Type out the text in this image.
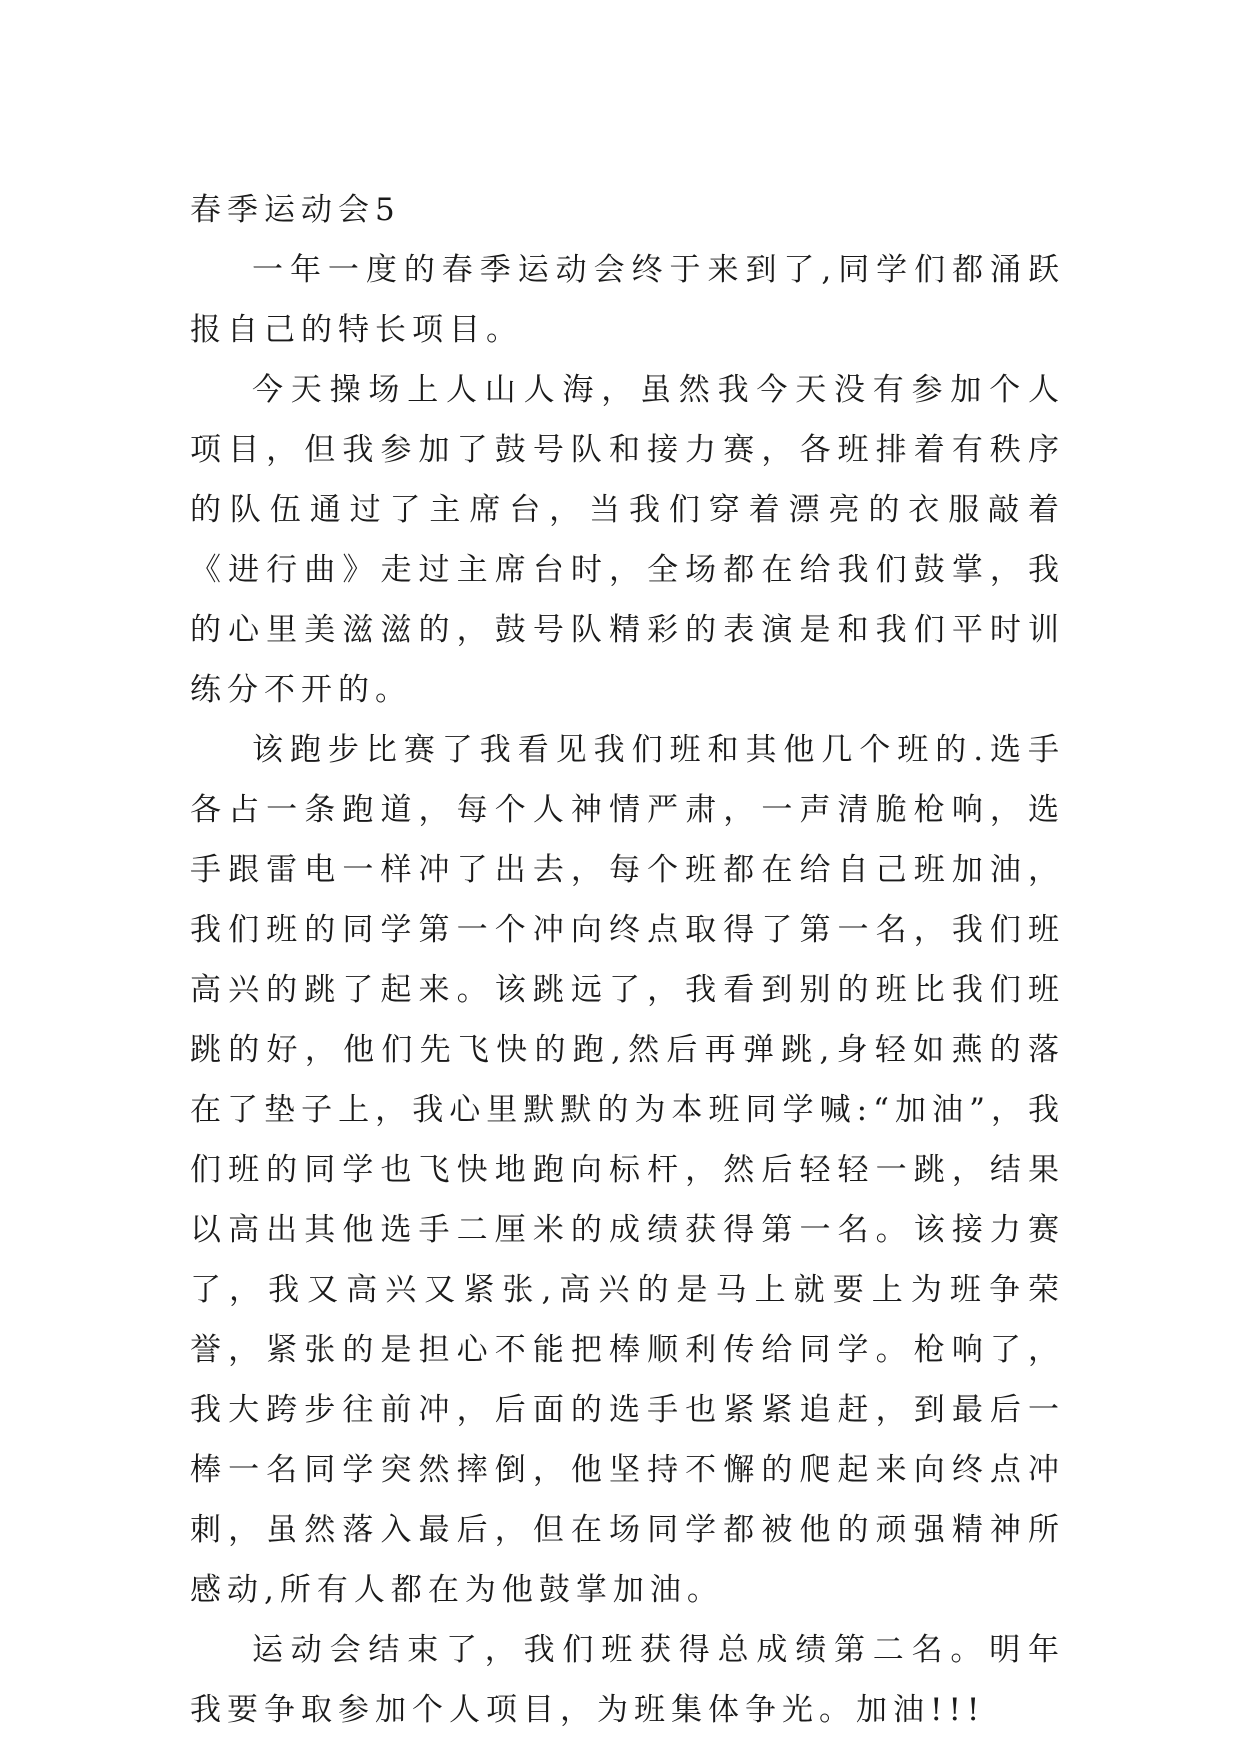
春季运动会5

一年一度的春季运动会终于来到了,同学们都涌跃报自己的特长项目。

今天操场上人山人海，虽然我今天没有参加个人项目，但我参加了鼓号队和接力赛，各班排着有秩序的队伍通过了主席台，当我们穿着漂亮的衣服敲着《进行曲》走过主席台时，全场都在给我们鼓掌，我的心里美滋滋的，鼓号队精彩的表演是和我们平时训练分不开的。

该跑步比赛了我看见我们班和其他几个班的.选手各占一条跑道，每个人神情严肃，一声清脆枪响，选手跟雷电一样冲了出去，每个班都在给自己班加油，我们班的同学第一个冲向终点取得了第一名，我们班高兴的跳了起来。该跳远了，我看到别的班比我们班跳的好，他们先飞快的跑,然后再弹跳,身轻如燕的落在了垫子上，我心里默默的为本班同学喊:“加油”，我们班的同学也飞快地跑向标杆，然后轻轻一跳，结果以高出其他选手二厘米的成绩获得第一名。该接力赛了，我又高兴又紧张,高兴的是马上就要上为班争荣誉，紧张的是担心不能把棒顺利传给同学。枪响了，我大跨步往前冲，后面的选手也紧紧追赶，到最后一棒一名同学突然摔倒，他坚持不懈的爬起来向终点冲刺，虽然落入最后，但在场同学都被他的顽强精神所感动,所有人都在为他鼓掌加油。

运动会结束了，我们班获得总成绩第二名。明年我要争取参加个人项目，为班集体争光。加油!!!
